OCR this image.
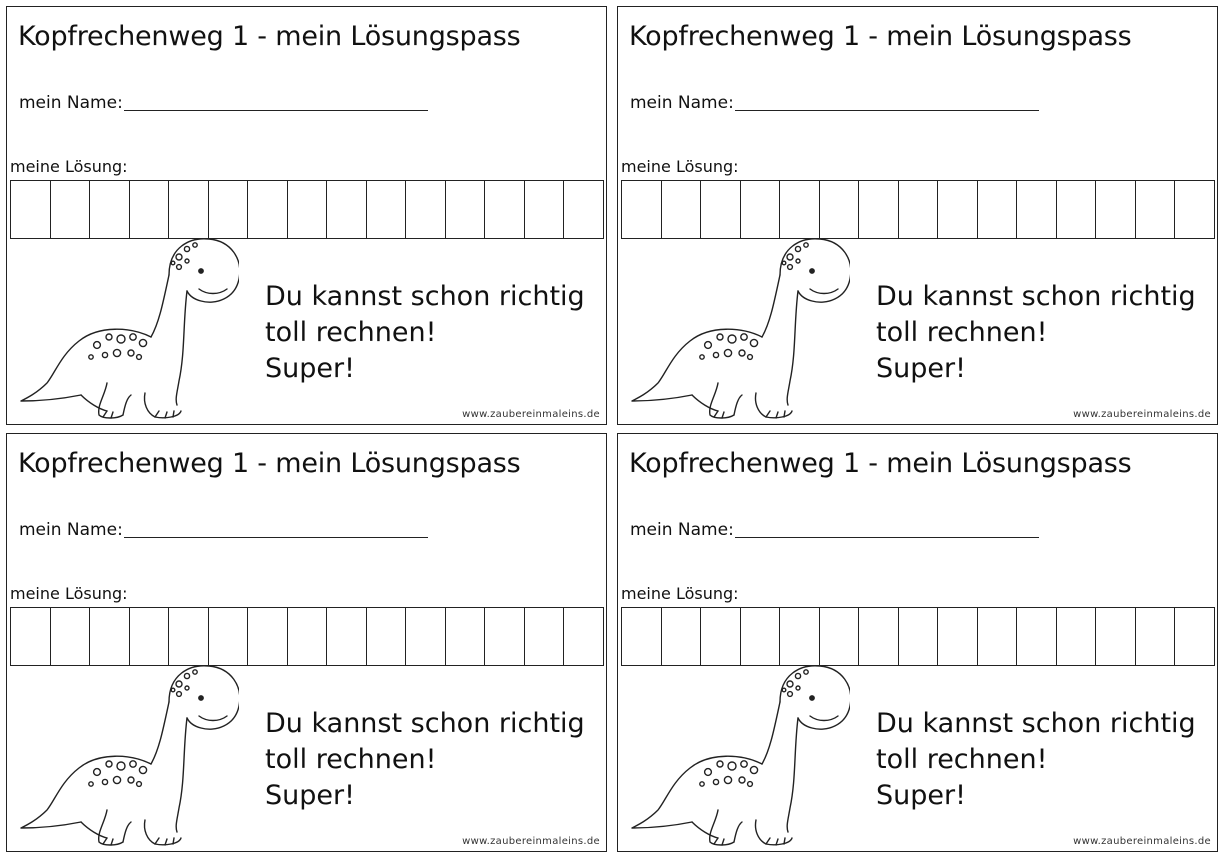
Kopfrechenweg 1 - mein Lösungspass
mein Name:
meine Lösung:
Du kannst schon richtig
toll rechnen!
Super!
www.zaubereinmaleins.de
Kopfrechenweg 1 - mein Lösungspass
mein Name:
meine Lösung:
Du kannst schon richtig
toll rechnen!
Super!
www.zaubereinmaleins.de
Kopfrechenweg 1 - mein Lösungspass
mein Name:
meine Lösung:
Du kannst schon richtig
toll rechnen!
Super!
www.zaubereinmaleins.de
Kopfrechenweg 1 - mein Lösungspass
mein Name:
meine Lösung:
Du kannst schon richtig
toll rechnen!
Super!
www.zaubereinmaleins.de
